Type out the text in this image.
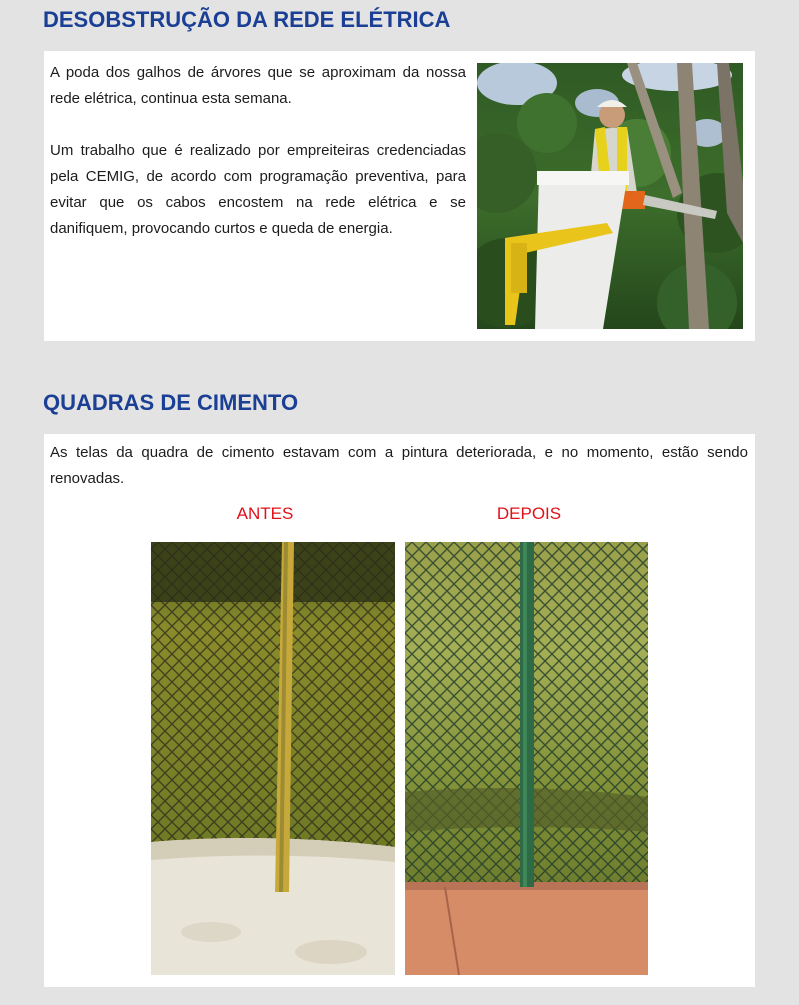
DESOBSTRUÇÃO DA REDE ELÉTRICA

A poda dos galhos de árvores que se aproximam da nossa rede elétrica, continua esta semana.

Um trabalho que é realizado por empreiteiras credenciadas pela CEMIG, de acordo com programação preventiva, para evitar que os cabos encostem na rede elétrica e se danifiquem, provocando curtos e queda de energia.

QUADRAS DE CIMENTO

As telas da quadra de cimento estavam com a pintura deteriorada, e no momento, estão sendo renovadas.

ANTES	DEPOIS
